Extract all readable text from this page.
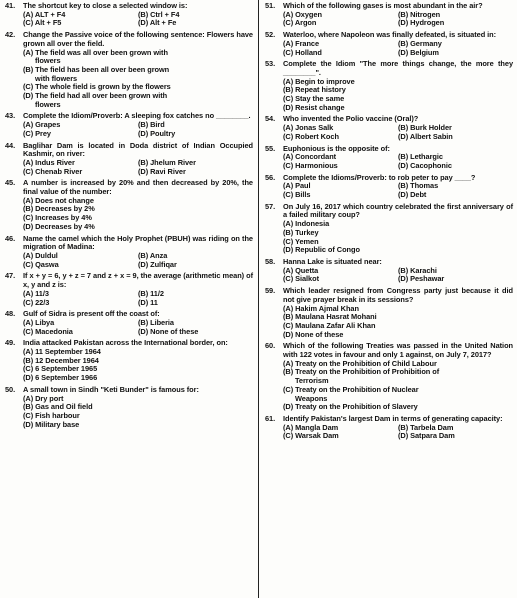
41.	The shortcut key to close a selected window is:
(A) ALT + F4	(B) Ctrl + F4
(C) Alt + F5	(D) Alt + Fe
42.	Change the Passive voice of the following sentence: Flowers have grown all over the field.
(A) The field was all over been grown with
flowers
(B) The field has been all over been grown
with flowers
(C) The whole field is grown by the flowers
(D) The field had all over been grown with
flowers
43.	Complete the Idiom/Proverb: A sleeping fox catches no ________.
(A) Grapes	(B) Bird
(C) Prey	(D) Poultry
44.	Baglihar Dam is located in Doda district of Indian Occupied Kashmir, on river:
(A) Indus River	(B) Jhelum River
(C) Chenab River	(D) Ravi River
45.	A number is increased by 20% and then decreased by 20%, the final value of the number:
(A) Does not change
(B) Decreases by 2%
(C) Increases by 4%
(D) Decreases by 4%
46.	Name the camel which the Holy Prophet (PBUH) was riding on the migration of Madina:
(A) Duldul	(B) Anza
(C) Qaswa	(D) Zulfiqar
47.	If x + y = 6, y + z = 7 and z + x = 9, the average (arithmetic mean) of x, y and z is:
(A) 11/3	(B) 11/2
(C) 22/3	(D) 11
48.	Gulf of Sidra is present off the coast of:
(A) Libya	(B) Liberia
(C) Macedonia	(D) None of these
49.	India attacked Pakistan across the International border, on:
(A) 11 September 1964
(B) 12 December 1964
(C) 6 September 1965
(D) 6 September 1966
50.	A small town in Sindh "Keti Bunder" is famous for:
(A) Dry port
(B) Gas and Oil field
(C) Fish harbour
(D) Military base
51.	Which of the following gases is most abundant in the air?
(A) Oxygen	(B) Nitrogen
(C) Argon	(D) Hydrogen
52.	Waterloo, where Napoleon was finally defeated, is situated in:
(A) France	(B) Germany
(C) Holland	(D) Belgium
53.	Complete the Idiom "The more things change, the more they ________".
(A) Begin to improve
(B) Repeat history
(C) Stay the same
(D) Resist change
54.	Who invented the Polio vaccine (Oral)?
(A) Jonas Salk	(B) Burk Holder
(C) Robert Koch	(D) Albert Sabin
55.	Euphonious is the opposite of:
(A) Concordant	(B) Lethargic
(C) Harmonious	(D) Cacophonic
56.	Complete the Idioms/Proverb: to rob peter to pay ____?
(A) Paul	(B) Thomas
(C) Bills	(D) Debt
57.	On July 16, 2017 which country celebrated the first anniversary of a failed military coup?
(A) Indonesia
(B) Turkey
(C) Yemen
(D) Republic of Congo
58.	Hanna Lake is situated near:
(A) Quetta	(B) Karachi
(C) Sialkot	(D) Peshawar
59.	Which leader resigned from Congress party just because it did not give prayer break in its sessions?
(A) Hakim Ajmal Khan
(B) Maulana Hasrat Mohani
(C) Maulana Zafar Ali Khan
(D) None of these
60.	Which of the following Treaties was passed in the United Nation with 122 votes in favour and only 1 against, on July 7, 2017?
(A) Treaty on the Prohibition of Child Labour
(B) Treaty on the Prohibition of Prohibition of
Terrorism
(C) Treaty on the Prohibition of Nuclear
Weapons
(D) Treaty on the Prohibition of Slavery
61.	Identify Pakistan's largest Dam in terms of generating capacity:
(A) Mangla Dam	(B) Tarbela Dam
(C) Warsak Dam	(D) Satpara Dam
